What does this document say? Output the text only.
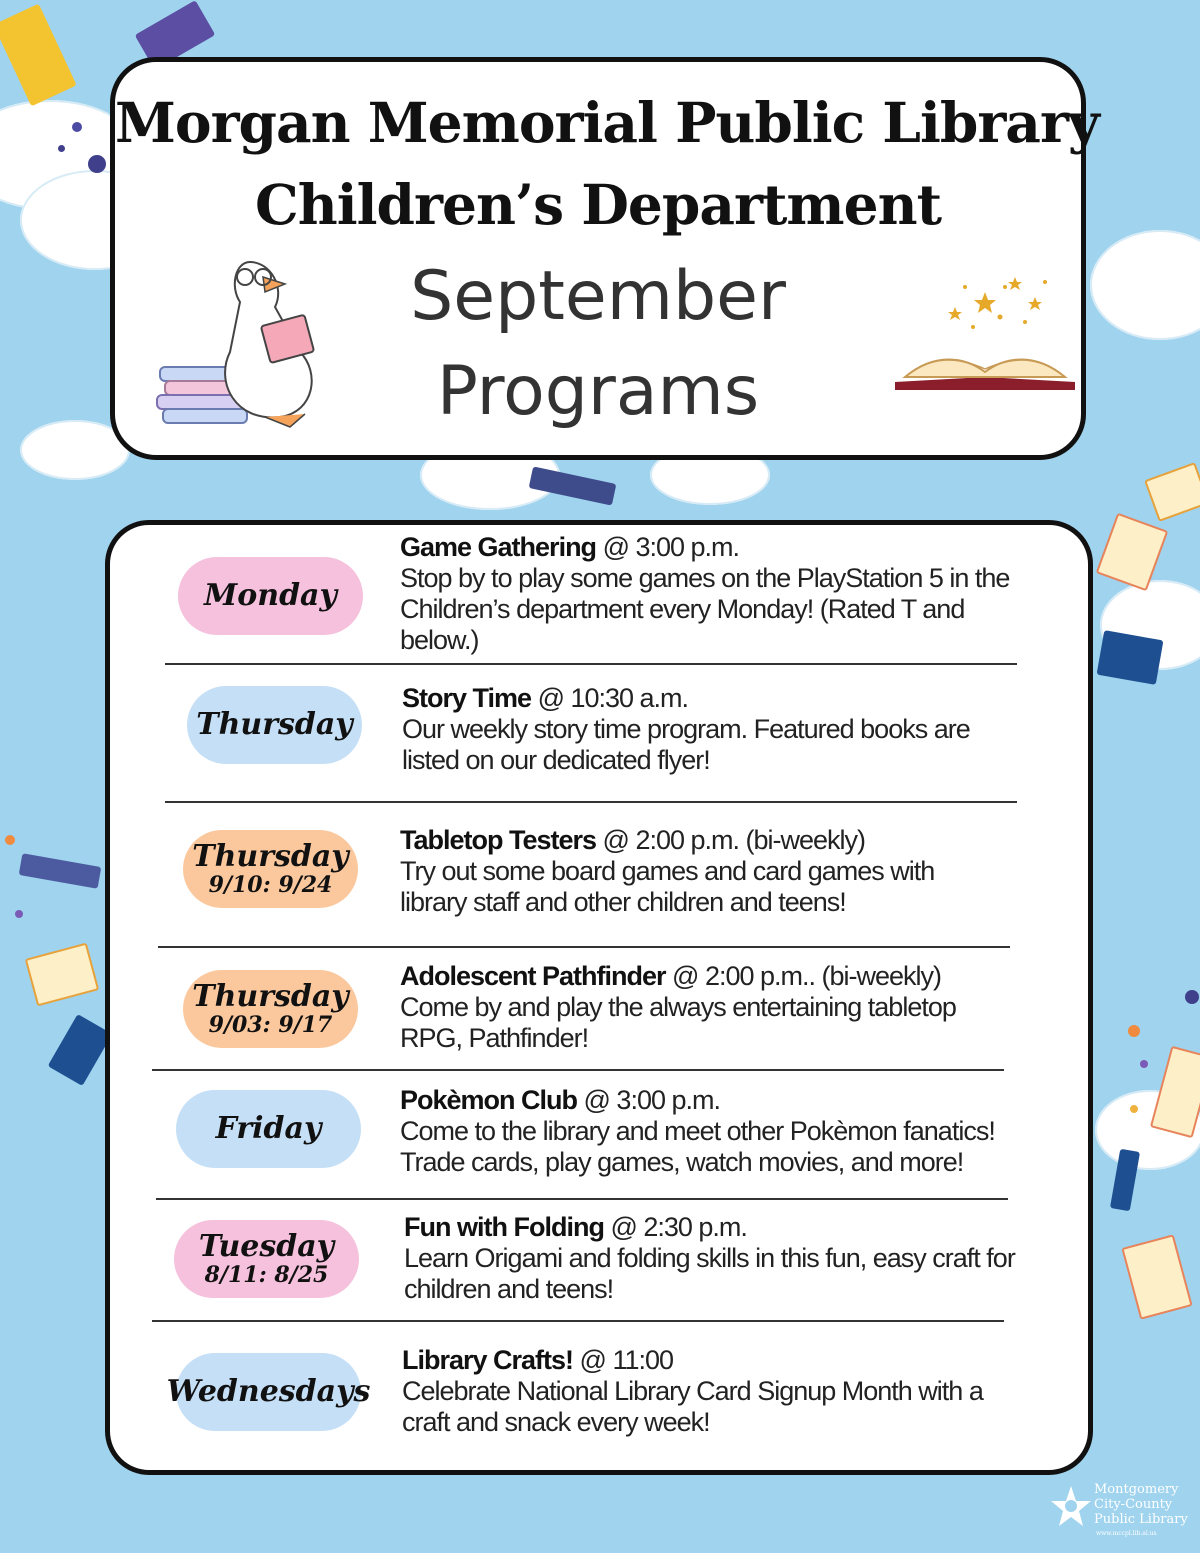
Morgan Memorial Public Library
Children’s Department
September
Programs
Monday
Game Gathering @ 3:00 p.m.
Stop by to play some games on the PlayStation 5 in the
Children’s department every Monday! (Rated T and
below.)
Thursday
Story Time @ 10:30 a.m.
Our weekly story time program. Featured books are
listed on our dedicated flyer!
Thursday
9/10: 9/24
Tabletop Testers @ 2:00 p.m. (bi-weekly)
Try out some board games and card games with
library staff and other children and teens!
Thursday
9/03: 9/17
Adolescent Pathfinder @ 2:00 p.m.. (bi-weekly)
Come by and play the always entertaining tabletop
RPG, Pathfinder!
Friday
Pokèmon Club @ 3:00 p.m.
Come to the library and meet other Pokèmon fanatics!
Trade cards, play games, watch movies, and more!
Tuesday
8/11: 8/25
Fun with Folding @ 2:30 p.m.
Learn Origami and folding skills in this fun, easy craft for
children and teens!
Wednesdays
Library Crafts! @ 11:00
Celebrate National Library Card Signup Month with a
craft and snack every week!
Montgomery
City-County
Public Library
www.mccpl.lib.al.us
